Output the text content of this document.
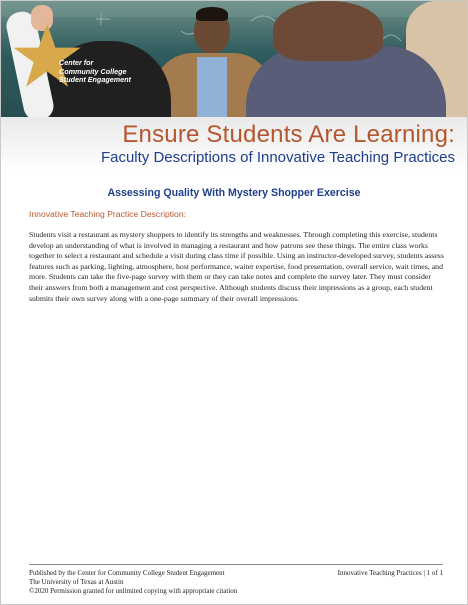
Center for
Community College
Student Engagement
Ensure Students Are Learning:
Faculty Descriptions of Innovative Teaching Practices
Assessing Quality With Mystery Shopper Exercise
Innovative Teaching Practice Description:
Students visit a restaurant as mystery shoppers to identify its strengths and weaknesses. Through completing this exercise, students develop an understanding of what is involved in managing a restaurant and how patrons see these things. The entire class works together to select a restaurant and schedule a visit during class time if possible. Using an instructor-developed survey, students assess features such as parking, lighting, atmosphere, host performance, waiter expertise, food presentation, overall service, wait times, and more. Students can take the five-page survey with them or they can take notes and complete the survey later. They must consider their answers from both a management and cost perspective. Although students discuss their impressions as a group, each student submits their own survey along with a one-page summary of their overall impressions.
Published by the Center for Community College Student Engagement
The University of Texas at Austin
©2020 Permission granted for unlimited copying with appropriate citation
Innovative Teaching Practices | 1 of 1
